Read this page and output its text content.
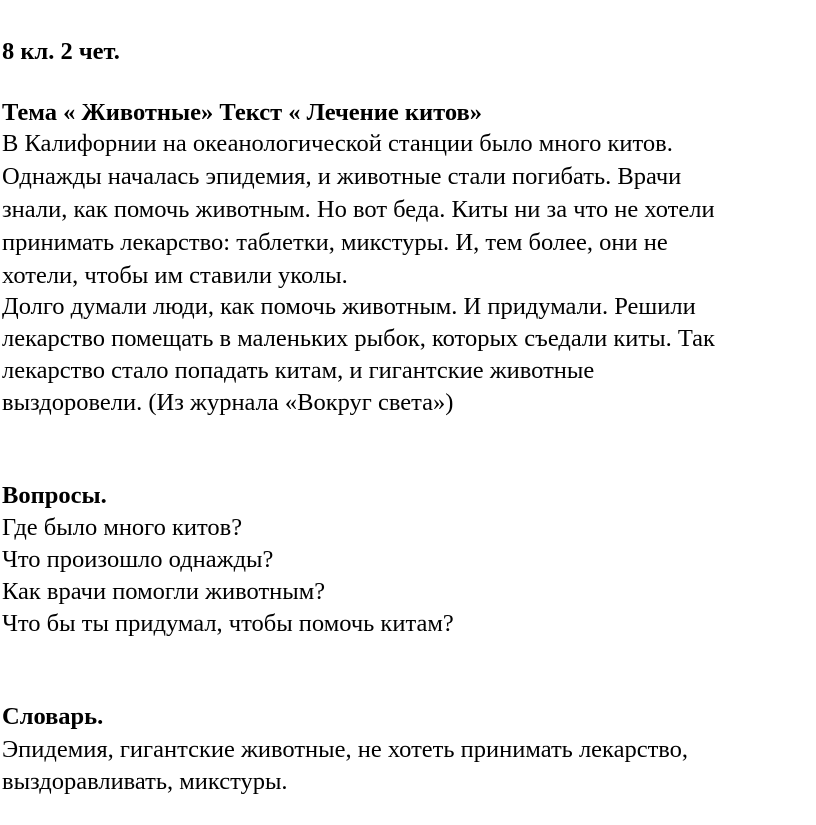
8 кл. 2 чет.

Тема « Животные» Текст « Лечение китов»

В Калифорнии на океанологической станции было много китов.

Однажды началась эпидемия, и животные стали погибать. Врачи

знали, как помочь животным. Но вот беда. Киты ни за что не хотели

принимать лекарство: таблетки, микстуры. И, тем более, они не

хотели, чтобы им ставили уколы.

Долго думали люди, как помочь животным. И придумали. Решили

лекарство помещать в маленьких рыбок, которых съедали киты. Так

лекарство стало попадать китам, и гигантские животные

выздоровели. (Из журнала «Вокруг света»)

Вопросы.

Где было много китов?

Что произошло однажды?

Как врачи помогли животным?

Что бы ты придумал, чтобы помочь китам?

Словарь.

Эпидемия, гигантские животные, не хотеть принимать лекарство,

выздоравливать, микстуры.
